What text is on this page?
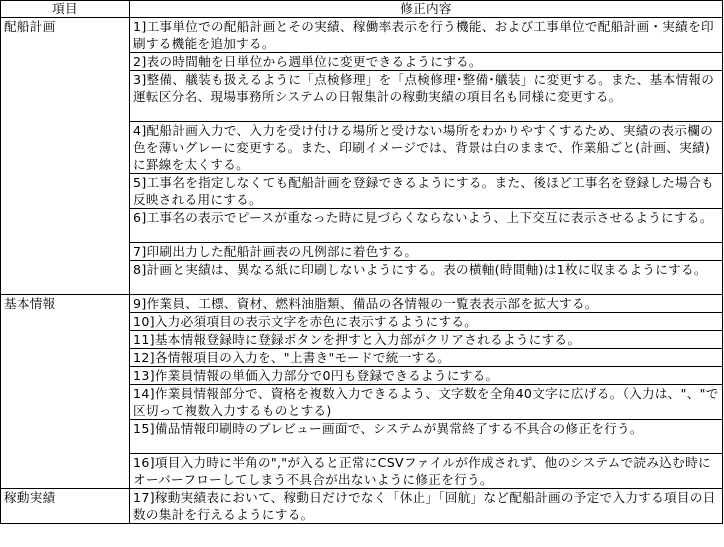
項目	修正内容
配船計画	1]工事単位での配船計画とその実績、稼働率表示を行う機能、および工事単位で配船計画・実績を印刷する機能を追加する。
	2]表の時間軸を日単位から週単位に変更できるようにする。
	3]整備、艤装も扱えるように「点検修理」を「点検修理･整備･艤装」に変更する。また、基本情報の運転区分名、現場事務所システムの日報集計の稼動実績の項目名も同様に変更する。
	4]配船計画入力で、入力を受け付ける場所と受けない場所をわかりやすくするため、実績の表示欄の色を薄いグレーに変更する。また、印刷イメージでは、背景は白のままで、作業船ごと(計画、実績)に罫線を太くする。
	5]工事名を指定しなくても配船計画を登録できるようにする。また、後ほど工事名を登録した場合も反映される用にする。
	6]工事名の表示でピースが重なった時に見づらくならないよう、上下交互に表示させるようにする。
	7]印刷出力した配船計画表の凡例部に着色する。
	8]計画と実績は、異なる紙に印刷しないようにする。表の横軸(時間軸)は1枚に収まるようにする。
基本情報	9]作業員、工標、資材、燃料油脂類、備品の各情報の一覧表表示部を拡大する。
	10]入力必須項目の表示文字を赤色に表示するようにする。
	11]基本情報登録時に登録ボタンを押すと入力部がクリアされるようにする。
	12]各情報項目の入力を、"上書き"モードで統一する。
	13]作業員情報の単価入力部分で0円も登録できるようにする。
	14]作業員情報部分で、資格を複数入力できるよう、文字数を全角40文字に広げる。（入力は、"、"で区切って複数入力するものとする)
	15]備品情報印刷時のプレビュー画面で、システムが異常終了する不具合の修正を行う。
	16]項目入力時に半角の","が入ると正常にCSVファイルが作成されず、他のシステムで読み込む時にオーバーフローしてしまう不具合が出ないように修正を行う。
稼動実績	17]稼動実績表において、稼動日だけでなく「休止」「回航」など配船計画の予定で入力する項目の日数の集計を行えるようにする。
